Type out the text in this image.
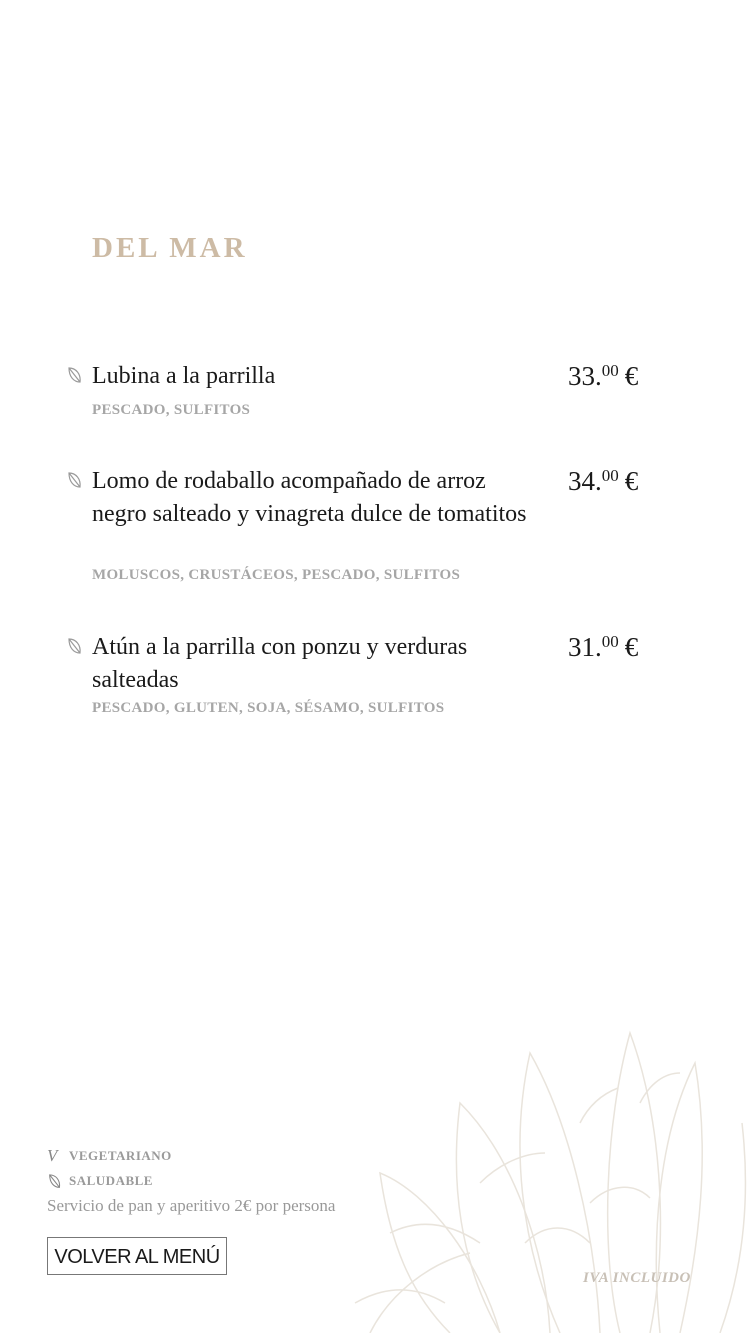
DEL MAR
Lubina a la parrilla
PESCADO, SULFITOS
33.00 €
Lomo de rodaballo acompañado de arroz negro salteado y vinagreta dulce de tomatitos
MOLUSCOS, CRUSTÁCEOS, PESCADO, SULFITOS
34.00 €
Atún a la parrilla con ponzu y verduras salteadas
PESCADO, GLUTEN, SOJA, SÉSAMO, SULFITOS
31.00 €
V VEGETARIANO
SALUDABLE
Servicio de pan y aperitivo 2€ por persona
VOLVER AL MENÚ
IVA INCLUIDO
